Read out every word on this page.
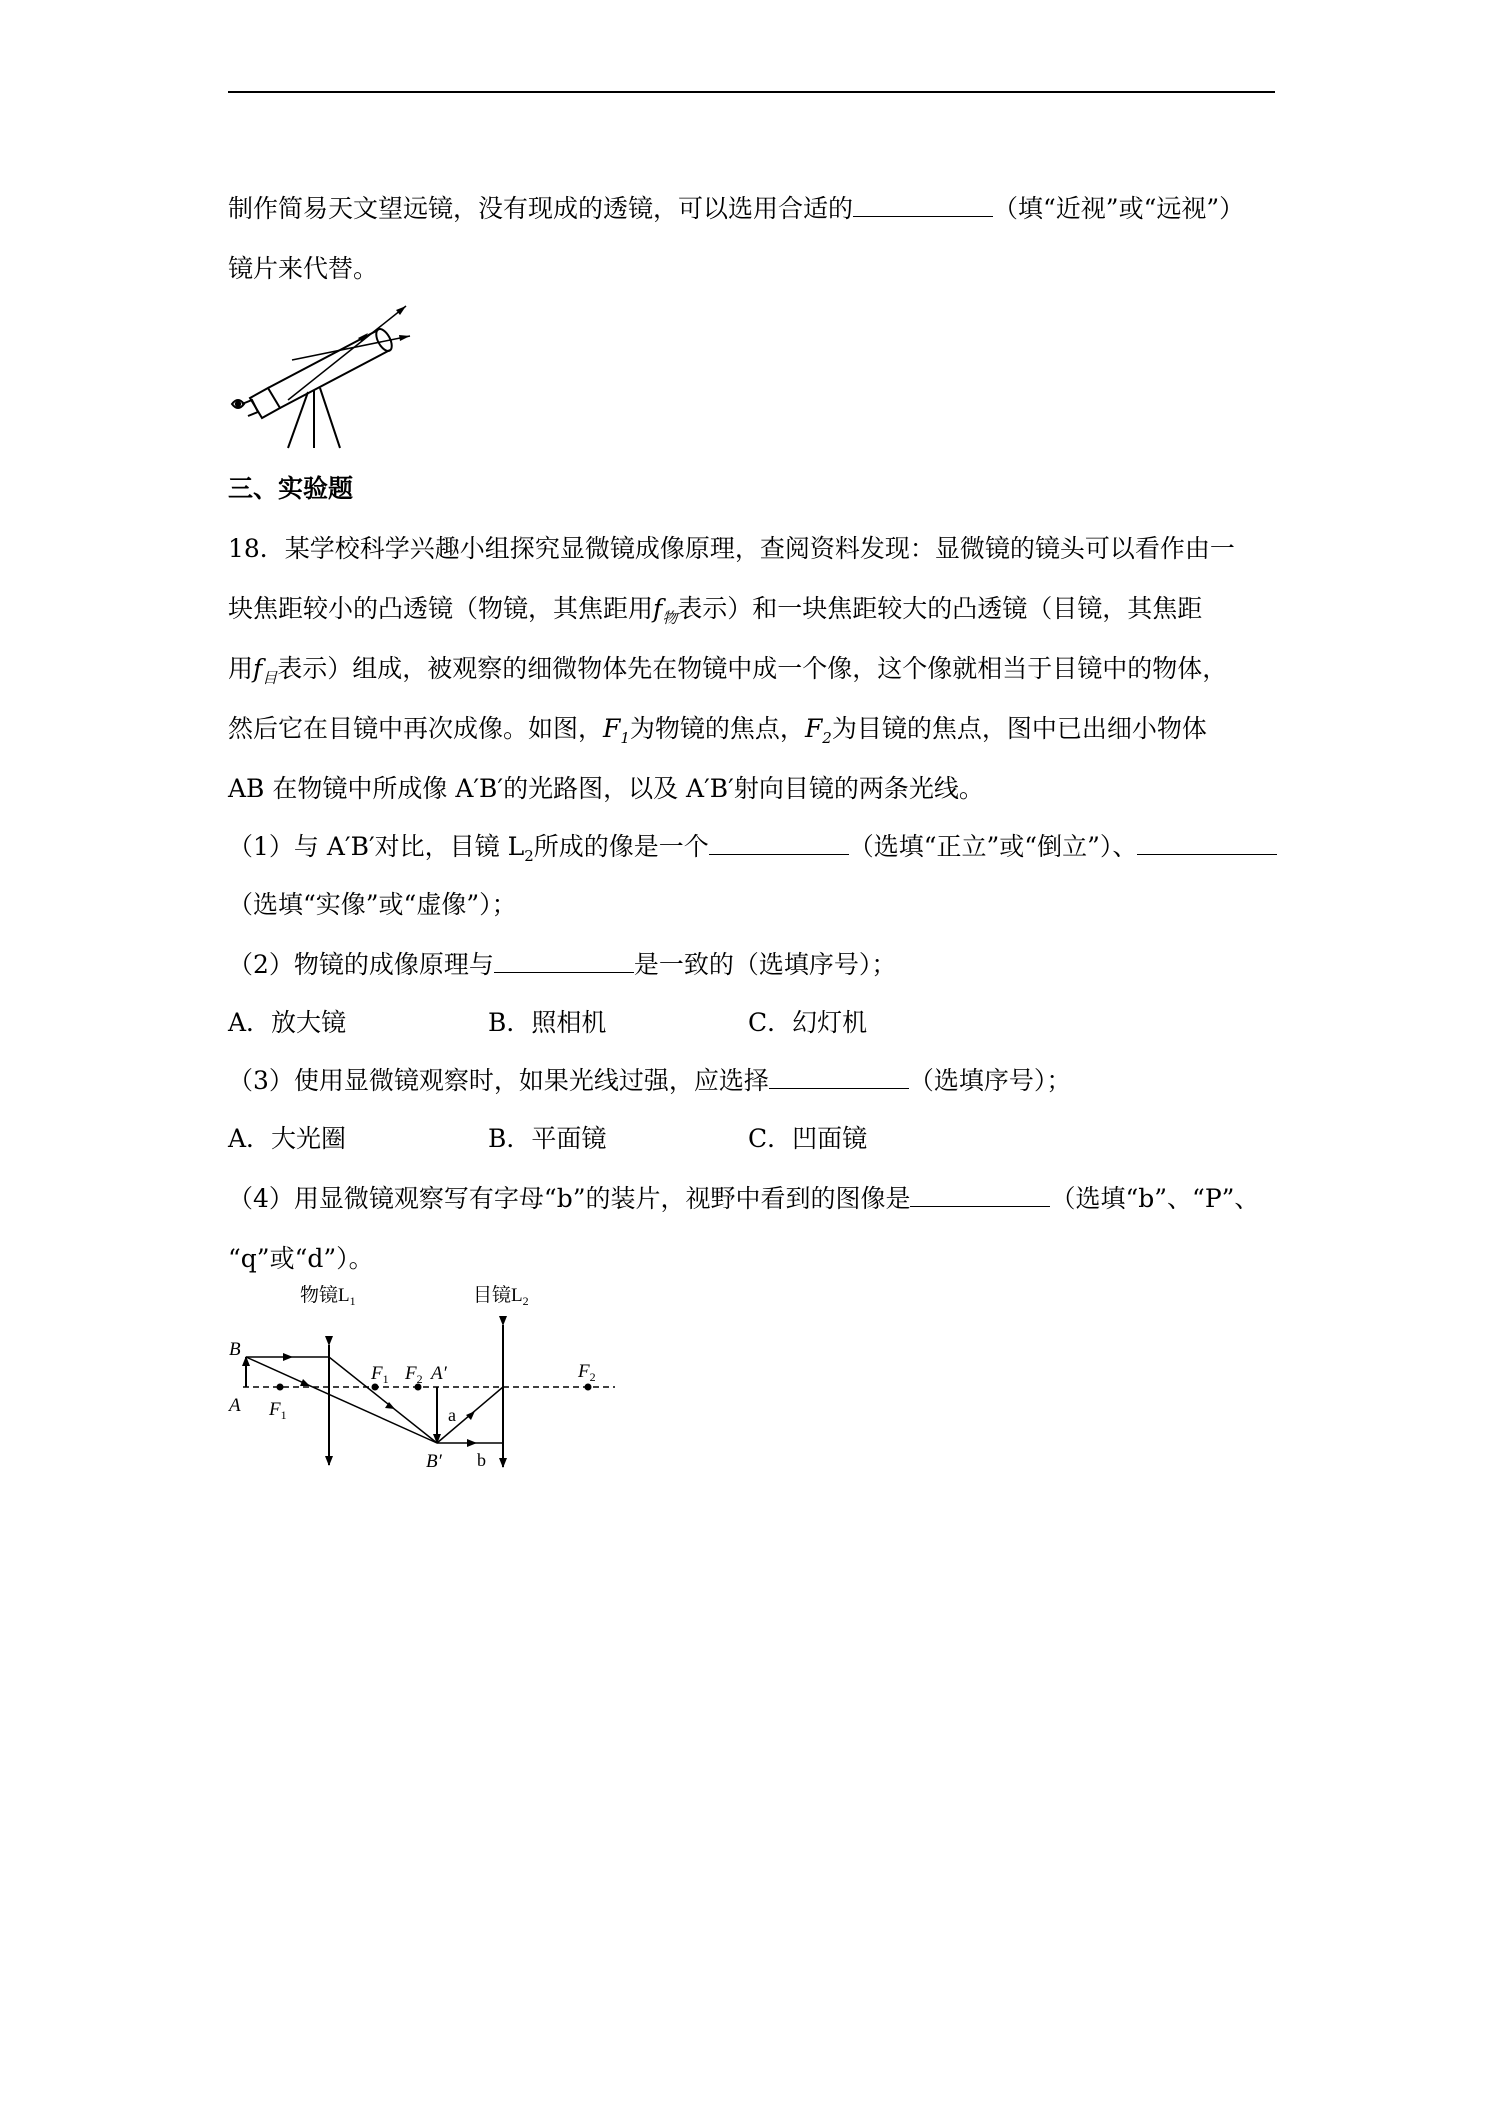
制作简易天文望远镜，没有现成的透镜，可以选用合适的	（填“近视”或“远视”）
镜片来代替。
三、实验题
18．某学校科学兴趣小组探究显微镜成像原理，查阅资料发现：显微镜的镜头可以看作由一
块焦距较小的凸透镜（物镜，其焦距用$f_物$表示）和一块焦距较大的凸透镜（目镜，其焦距
用$f_目$表示）组成，被观察的细微物体先在物镜中成一个像，这个像就相当于目镜中的物体，
然后它在目镜中再次成像。如图，$F_1$为物镜的焦点，$F_2$为目镜的焦点，图中已出细小物体
AB 在物镜中所成像 A′B′的光路图，以及 A′B′射向目镜的两条光线。
（1）与 A′B′对比，目镜 $L_2$所成的像是一个	（选填“正立”或“倒立”）、
（选填“实像”或“虚像”）；
（2）物镜的成像原理与	是一致的（选填序号）；
A．放大镜	B．照相机	C．幻灯机
（3）使用显微镜观察时，如果光线过强，应选择	（选填序号）；
A．大光圈	B．平面镜	C．凹面镜
（4）用显微镜观察写有字母“b”的装片，视野中看到的图像是	（选填“b”、“P”、
“q”或“d”）。
物镜$L_1$	目镜$L_2$
B
A $F_1$
$F_1$ $F_2$ A′
B′
$F_2$
a
b
